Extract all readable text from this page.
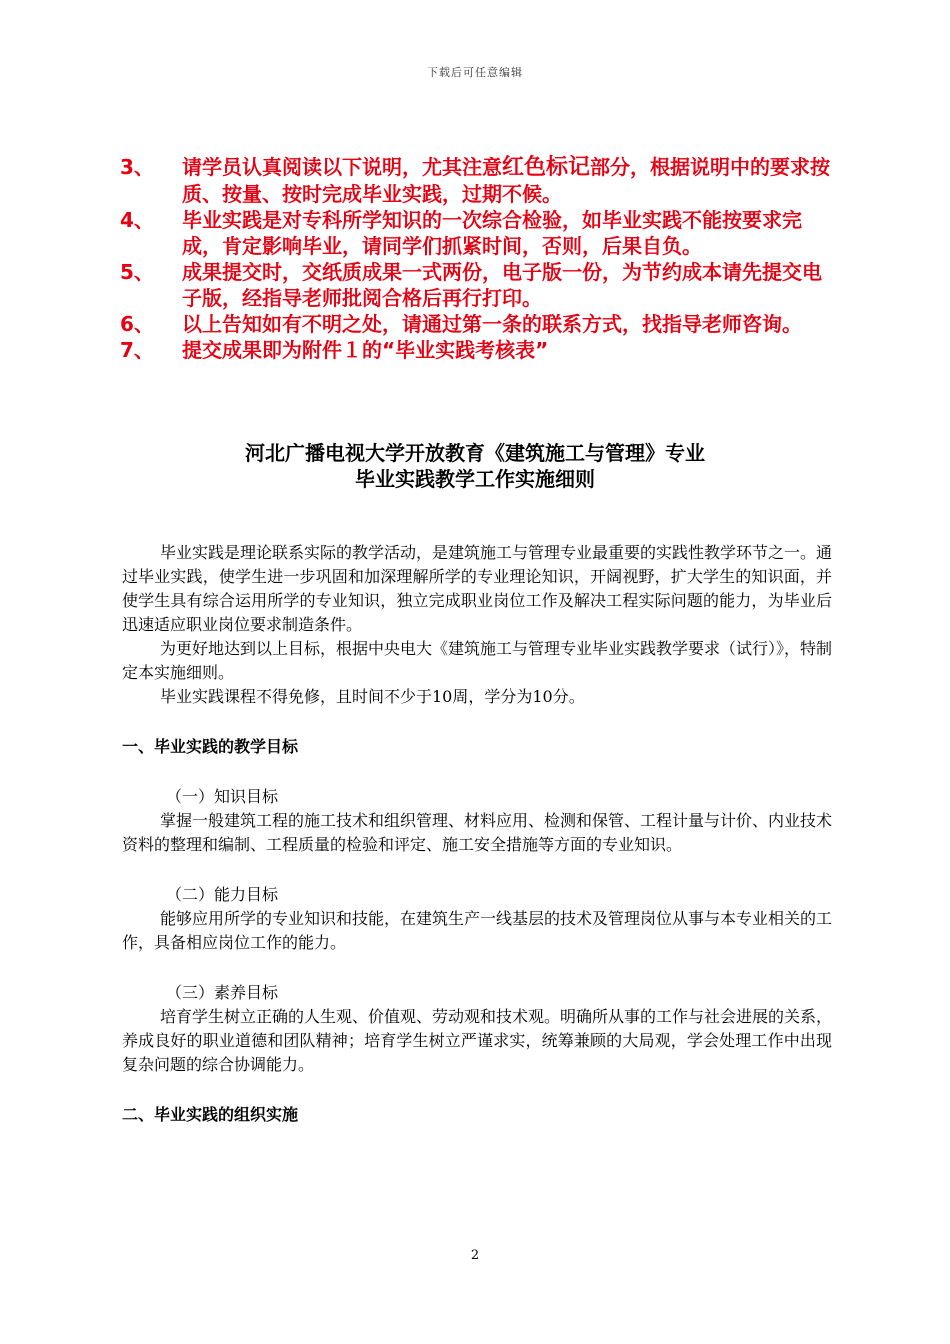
下载后可任意编辑
3、 请学员认真阅读以下说明，尤其注意红色标记部分，根据说明中的要求按质、按量、按时完成毕业实践，过期不候。
4、 毕业实践是对专科所学知识的一次综合检验，如毕业实践不能按要求完成，肯定影响毕业，请同学们抓紧时间，否则，后果自负。
5、 成果提交时，交纸质成果一式两份，电子版一份，为节约成本请先提交电子版，经指导老师批阅合格后再行打印。
6、 以上告知如有不明之处，请通过第一条的联系方式，找指导老师咨询。
7、 提交成果即为附件１的“毕业实践考核表”
河北广播电视大学开放教育《建筑施工与管理》专业
毕业实践教学工作实施细则

毕业实践是理论联系实际的教学活动，是建筑施工与管理专业最重要的实践性教学环节之一。通过毕业实践，使学生进一步巩固和加深理解所学的专业理论知识，开阔视野，扩大学生的知识面，并使学生具有综合运用所学的专业知识，独立完成职业岗位工作及解决工程实际问题的能力，为毕业后迅速适应职业岗位要求制造条件。

为更好地达到以上目标，根据中央电大《建筑施工与管理专业毕业实践教学要求（试行）》，特制定本实施细则。

毕业实践课程不得免修，且时间不少于10周，学分为10分。

一、毕业实践的教学目标

（一）知识目标

掌握一般建筑工程的施工技术和组织管理、材料应用、检测和保管、工程计量与计价、内业技术资料的整理和编制、工程质量的检验和评定、施工安全措施等方面的专业知识。

（二）能力目标

能够应用所学的专业知识和技能，在建筑生产一线基层的技术及管理岗位从事与本专业相关的工作，具备相应岗位工作的能力。

（三）素养目标

培育学生树立正确的人生观、价值观、劳动观和技术观。明确所从事的工作与社会进展的关系，养成良好的职业道德和团队精神；培育学生树立严谨求实，统筹兼顾的大局观，学会处理工作中出现复杂问题的综合协调能力。

二、毕业实践的组织实施

2
